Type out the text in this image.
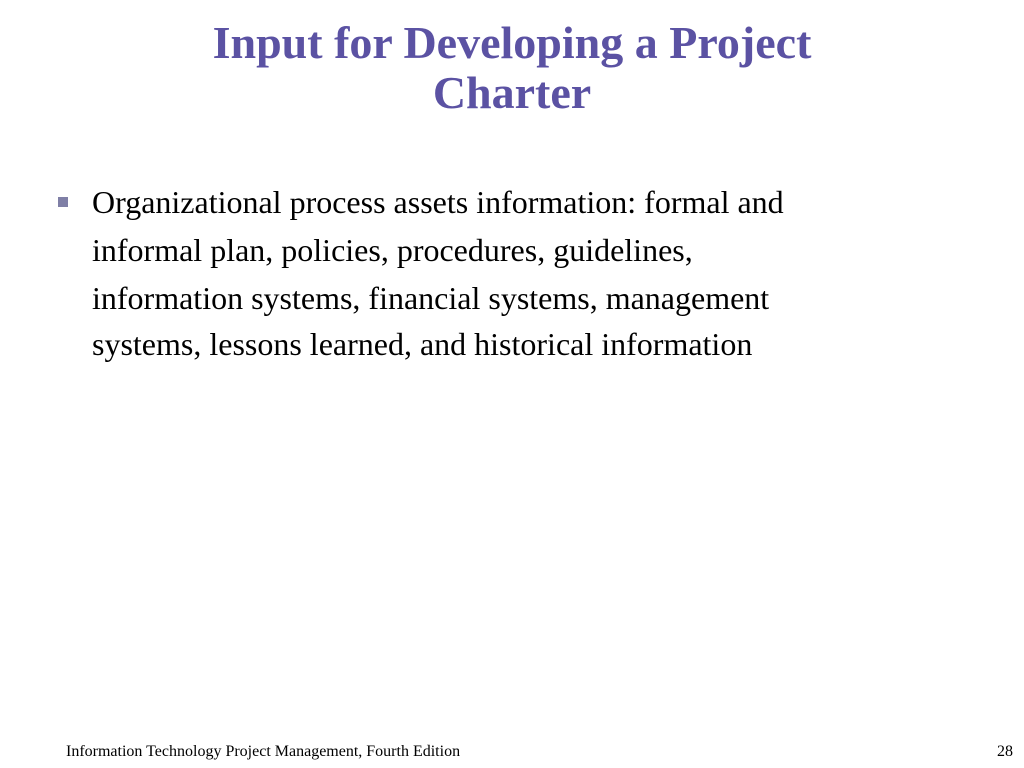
Input for Developing a Project
Charter
Organizational process assets information: formal and
informal plan, policies, procedures, guidelines,
information systems, financial systems, management
systems, lessons learned, and historical information
Information Technology Project Management, Fourth Edition	28
